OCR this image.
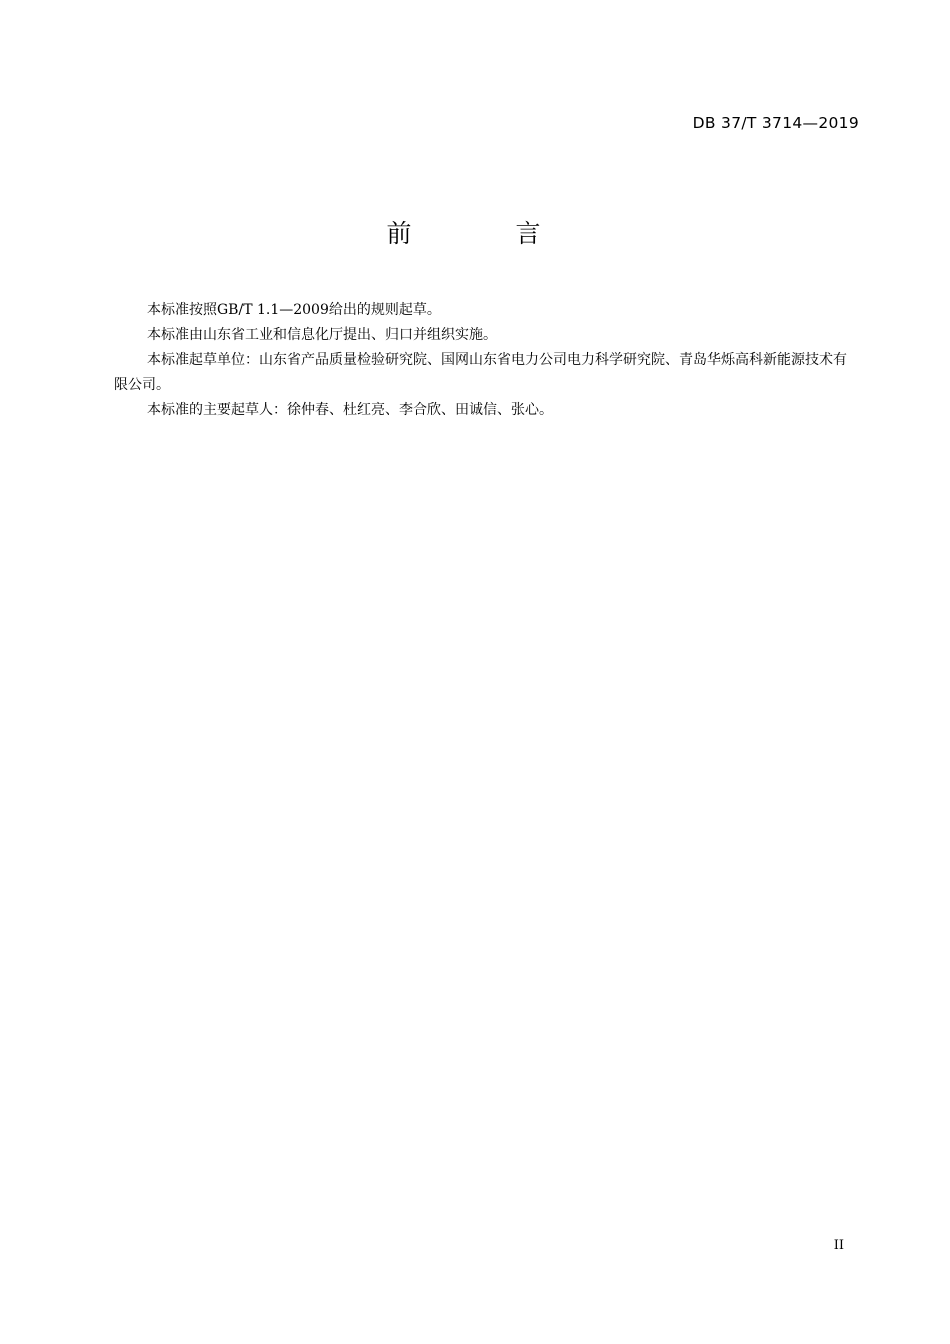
DB 37/T 3714—2019
前 言

本标准按照GB/T 1.1—2009给出的规则起草。

本标准由山东省工业和信息化厅提出、归口并组织实施。

本标准起草单位：山东省产品质量检验研究院、国网山东省电力公司电力科学研究院、青岛华烁高科新能源技术有限公司。

本标准的主要起草人：徐仲春、杜红亮、李合欣、田诚信、张心。

II
